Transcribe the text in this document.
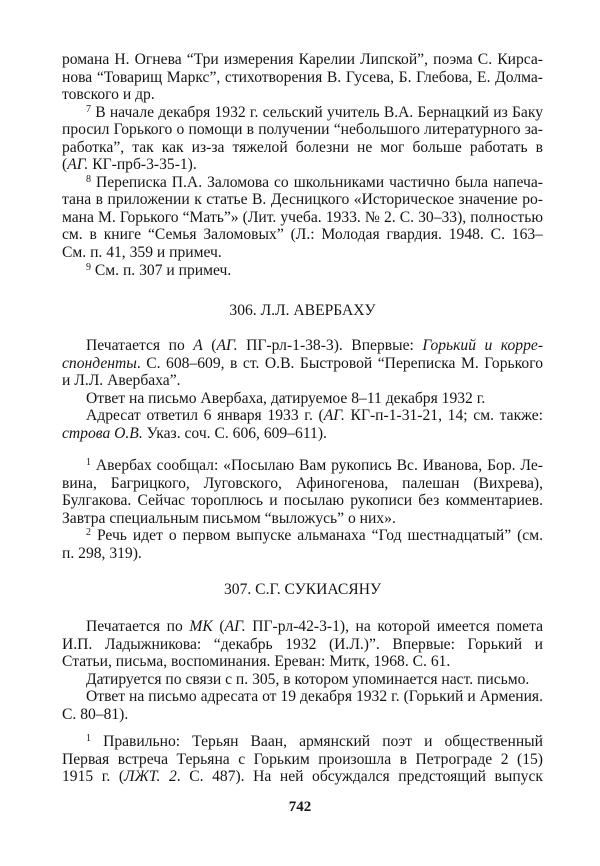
романа Н. Огнева “Три измерения Карелии Липской”, поэма С. Кирса-
нова “Товарищ Маркс”, стихотворения В. Гусева, Б. Глебова, Е. Долма-
товского и др.
$^7$ В начале декабря 1932 г. сельский учитель В.А. Бернацкий из Баку
просил Горького о помощи в получении “небольшого литературного за-
работка”, так как из-за тяжелой болезни не мог больше работать в
(АГ. КГ-прб-3-35-1).
$^8$ Переписка П.А. Заломова со школьниками частично была напеча-
тана в приложении к статье В. Десницкого «Историческое значение ро-
мана М. Горького “Мать”» (Лит. учеба. 1933. № 2. С. 30–33), полностью
см. в книге “Семья Заломовых” (Л.: Молодая гвардия. 1948. С. 163–
См. п. 41, 359 и примеч.
$^9$ См. п. 307 и примеч.
306. Л.Л. АВЕРБАХУ
Печатается по А (АГ. ПГ-рл-1-38-3). Впервые: Горький и корре-
спонденты. С. 608–609, в ст. О.В. Быстровой “Переписка М. Горького
и Л.Л. Авербаха”.
Ответ на письмо Авербаха, датируемое 8–11 декабря 1932 г.
Адресат ответил 6 января 1933 г. (АГ. КГ-п-1-31-21, 14; см. также:
строва О.В. Указ. соч. С. 606, 609–611).
$^1$ Авербах сообщал: «Посылаю Вам рукопись Вс. Иванова, Бор. Ле-
вина, Багрицкого, Луговского, Афиногенова, палешан (Вихрева),
Булгакова. Сейчас тороплюсь и посылаю рукописи без комментариев.
Завтра специальным письмом “выложусь” о них».
$^2$ Речь идет о первом выпуске альманаха “Год шестнадцатый” (см.
п. 298, 319).
307. С.Г. СУКИАСЯНУ
Печатается по МК (АГ. ПГ-рл-42-3-1), на которой имеется помета
И.П. Ладыжникова: “декабрь 1932 (И.Л.)”. Впервые: Горький и
Статьи, письма, воспоминания. Ереван: Митк, 1968. С. 61.
Датируется по связи с п. 305, в котором упоминается наст. письмо.
Ответ на письмо адресата от 19 декабря 1932 г. (Горький и Армения.
С. 80–81).
$^1$ Правильно: Терьян Ваан, армянский поэт и общественный
Первая встреча Терьяна с Горьким произошла в Петрограде 2 (15)
1915 г. (ЛЖТ. 2. С. 487). На ней обсуждался предстоящий выпуск
742
